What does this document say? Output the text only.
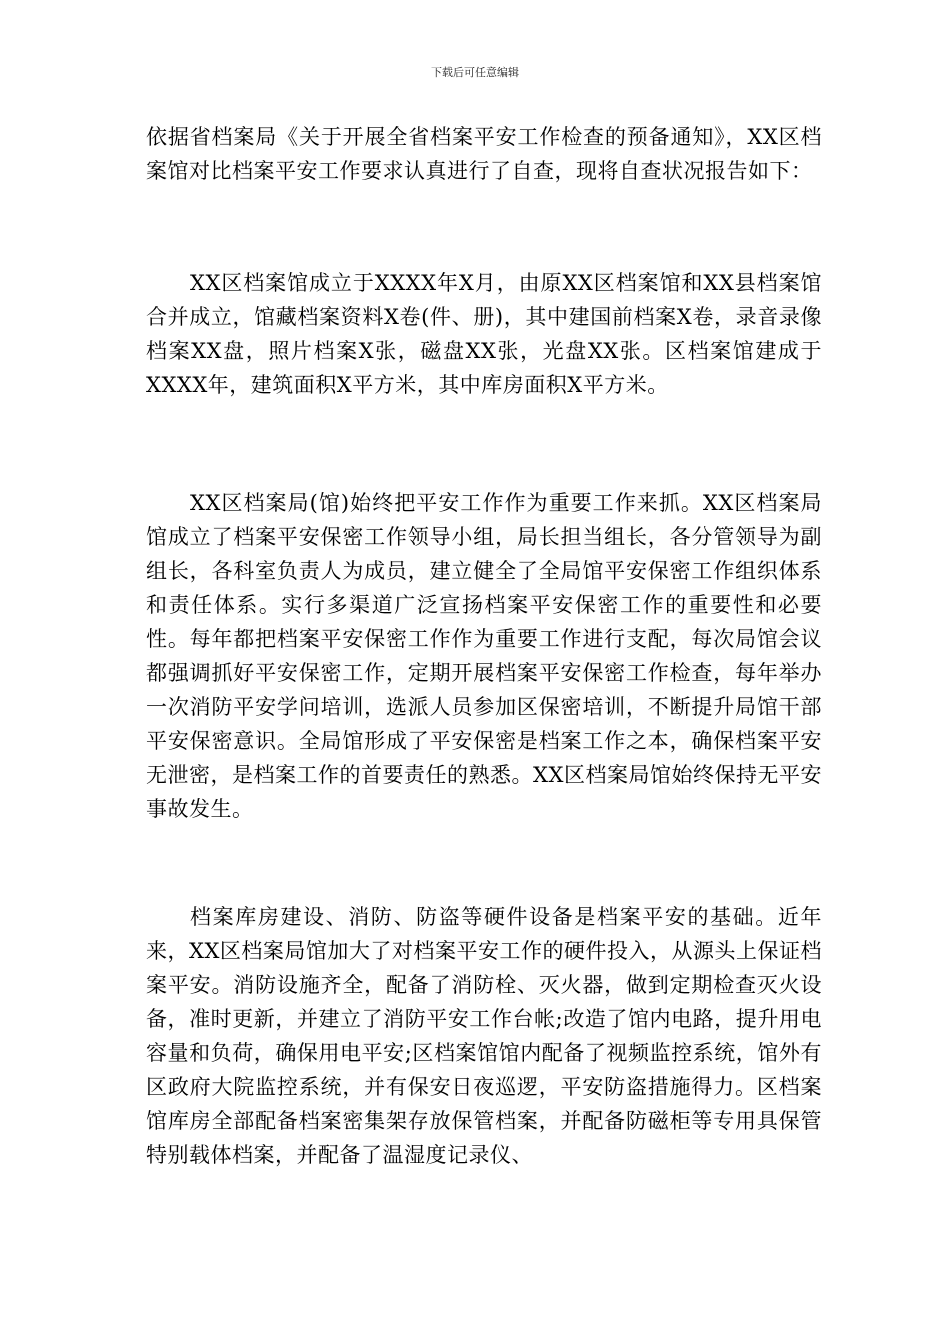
下载后可任意编辑

依据省档案局《关于开展全省档案平安工作检查的预备通知》，XX区档案馆对比档案平安工作要求认真进行了自查，现将自查状况报告如下：

XX区档案馆成立于XXXX年X月，由原XX区档案馆和XX县档案馆合并成立，馆藏档案资料X卷(件、册)，其中建国前档案X卷，录音录像档案XX盘，照片档案X张，磁盘XX张，光盘XX张。区档案馆建成于XXXX年，建筑面积X平方米，其中库房面积X平方米。

XX区档案局(馆)始终把平安工作作为重要工作来抓。XX区档案局馆成立了档案平安保密工作领导小组，局长担当组长，各分管领导为副组长，各科室负责人为成员，建立健全了全局馆平安保密工作组织体系和责任体系。实行多渠道广泛宣扬档案平安保密工作的重要性和必要性。每年都把档案平安保密工作作为重要工作进行支配，每次局馆会议都强调抓好平安保密工作，定期开展档案平安保密工作检查，每年举办一次消防平安学问培训，选派人员参加区保密培训，不断提升局馆干部平安保密意识。全局馆形成了平安保密是档案工作之本，确保档案平安无泄密，是档案工作的首要责任的熟悉。XX区档案局馆始终保持无平安事故发生。

档案库房建设、消防、防盗等硬件设备是档案平安的基础。近年来，XX区档案局馆加大了对档案平安工作的硬件投入，从源头上保证档案平安。消防设施齐全，配备了消防栓、灭火器，做到定期检查灭火设备，准时更新，并建立了消防平安工作台帐;改造了馆内电路，提升用电容量和负荷，确保用电平安;区档案馆馆内配备了视频监控系统，馆外有区政府大院监控系统，并有保安日夜巡逻，平安防盗措施得力。区档案馆库房全部配备档案密集架存放保管档案，并配备防磁柜等专用具保管特别载体档案，并配备了温湿度记录仪、
